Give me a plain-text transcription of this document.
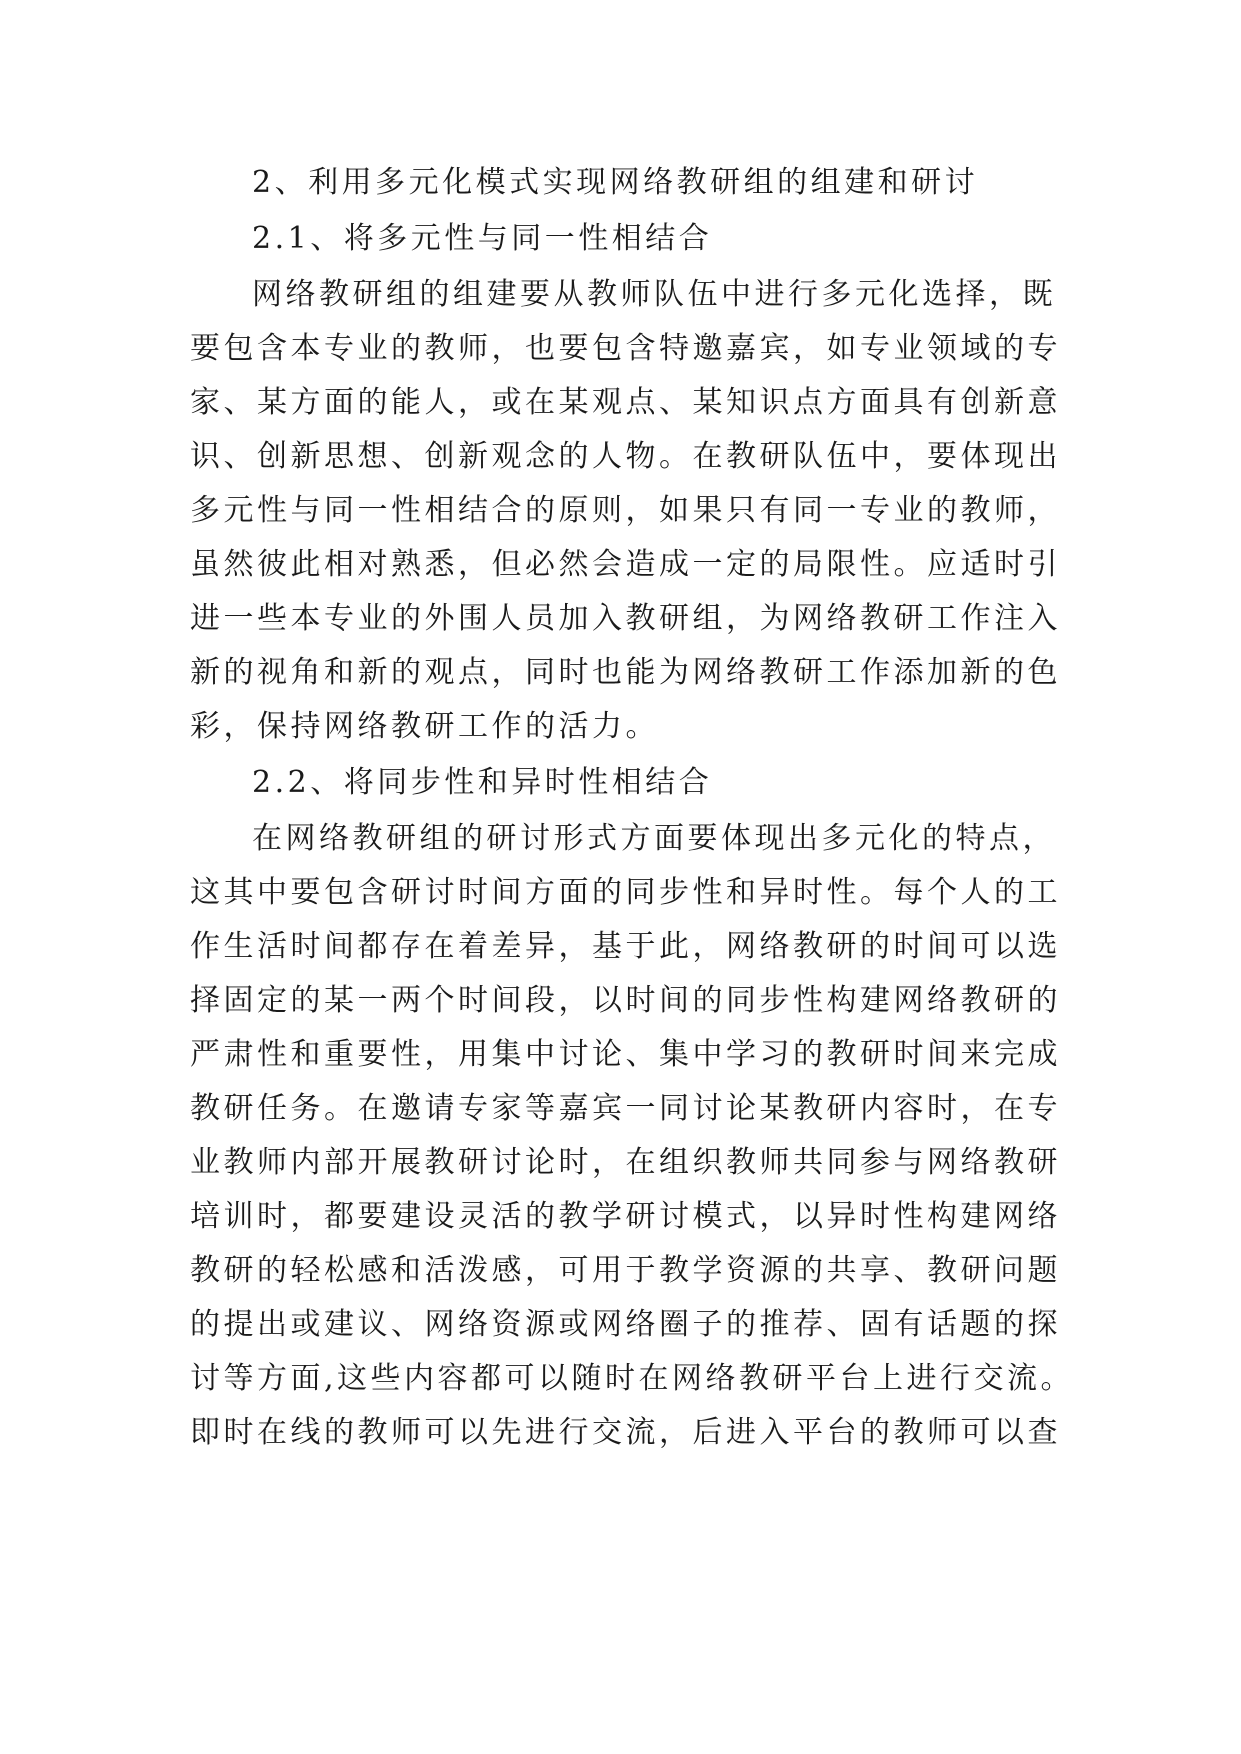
2、利用多元化模式实现网络教研组的组建和研讨
2.1、将多元性与同一性相结合
网络教研组的组建要从教师队伍中进行多元化选择，既
要包含本专业的教师，也要包含特邀嘉宾，如专业领域的专
家、某方面的能人，或在某观点、某知识点方面具有创新意
识、创新思想、创新观念的人物。在教研队伍中，要体现出
多元性与同一性相结合的原则，如果只有同一专业的教师，
虽然彼此相对熟悉，但必然会造成一定的局限性。应适时引
进一些本专业的外围人员加入教研组，为网络教研工作注入
新的视角和新的观点，同时也能为网络教研工作添加新的色
彩，保持网络教研工作的活力。
2.2、将同步性和异时性相结合
在网络教研组的研讨形式方面要体现出多元化的特点，
这其中要包含研讨时间方面的同步性和异时性。每个人的工
作生活时间都存在着差异，基于此，网络教研的时间可以选
择固定的某一两个时间段，以时间的同步性构建网络教研的
严肃性和重要性，用集中讨论、集中学习的教研时间来完成
教研任务。在邀请专家等嘉宾一同讨论某教研内容时，在专
业教师内部开展教研讨论时，在组织教师共同参与网络教研
培训时，都要建设灵活的教学研讨模式，以异时性构建网络
教研的轻松感和活泼感，可用于教学资源的共享、教研问题
的提出或建议、网络资源或网络圈子的推荐、固有话题的探
讨等方面,这些内容都可以随时在网络教研平台上进行交流。
即时在线的教师可以先进行交流，后进入平台的教师可以查
